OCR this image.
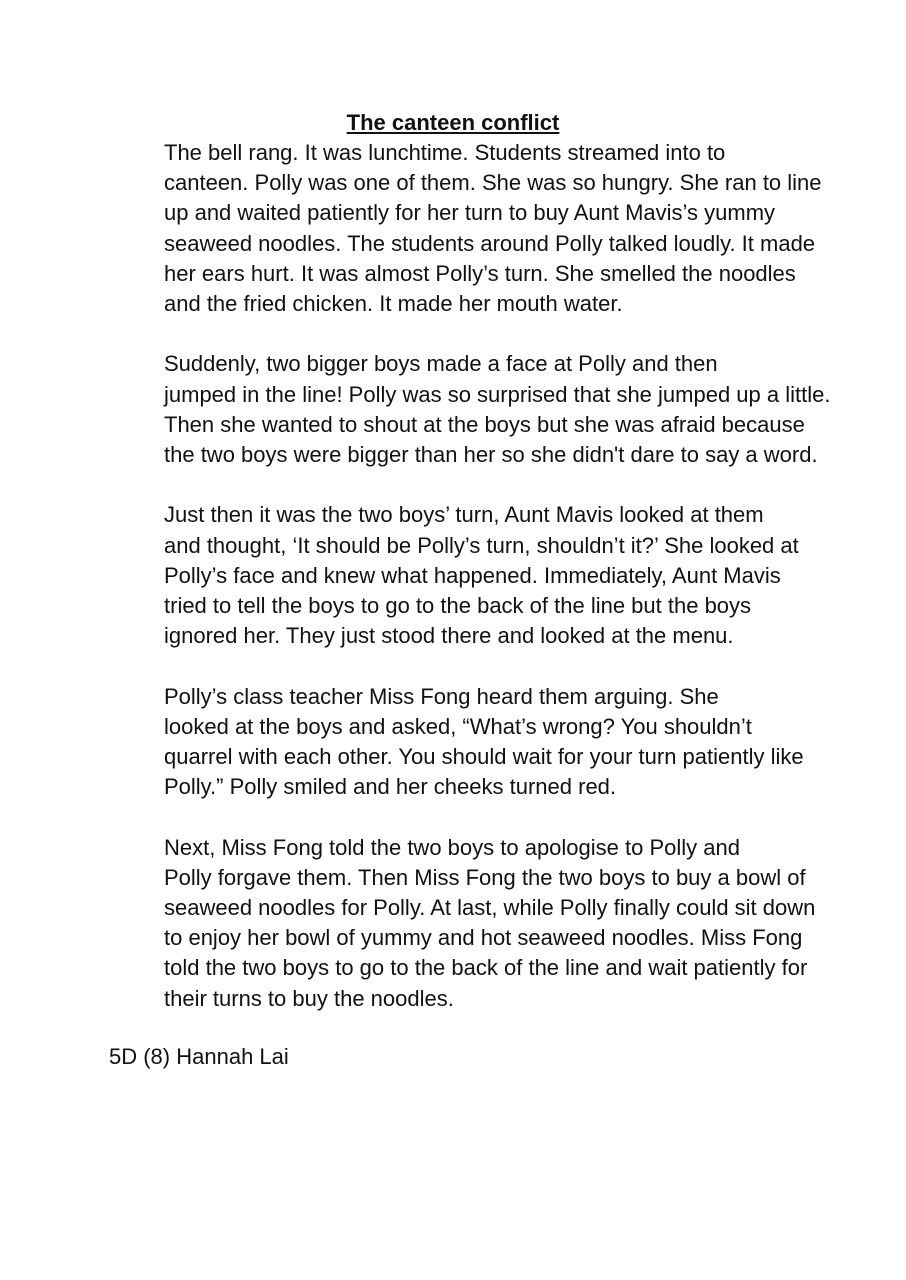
The canteen conflict

The bell rang. It was lunchtime. Students streamed into to
canteen. Polly was one of them. She was so hungry. She ran to line
up and waited patiently for her turn to buy Aunt Mavis’s yummy
seaweed noodles. The students around Polly talked loudly. It made
her ears hurt. It was almost Polly’s turn. She smelled the noodles
and the fried chicken. It made her mouth water.

Suddenly, two bigger boys made a face at Polly and then
jumped in the line! Polly was so surprised that she jumped up a little.
Then she wanted to shout at the boys but she was afraid because
the two boys were bigger than her so she didn't dare to say a word.

Just then it was the two boys’ turn, Aunt Mavis looked at them
and thought, ‘It should be Polly’s turn, shouldn’t it?’ She looked at
Polly’s face and knew what happened. Immediately, Aunt Mavis
tried to tell the boys to go to the back of the line but the boys
ignored her. They just stood there and looked at the menu.

Polly’s class teacher Miss Fong heard them arguing. She
looked at the boys and asked, “What’s wrong? You shouldn’t
quarrel with each other. You should wait for your turn patiently like
Polly.” Polly smiled and her cheeks turned red.

Next, Miss Fong told the two boys to apologise to Polly and
Polly forgave them. Then Miss Fong the two boys to buy a bowl of
seaweed noodles for Polly. At last, while Polly finally could sit down
to enjoy her bowl of yummy and hot seaweed noodles. Miss Fong
told the two boys to go to the back of the line and wait patiently for
their turns to buy the noodles.

5D (8) Hannah Lai
